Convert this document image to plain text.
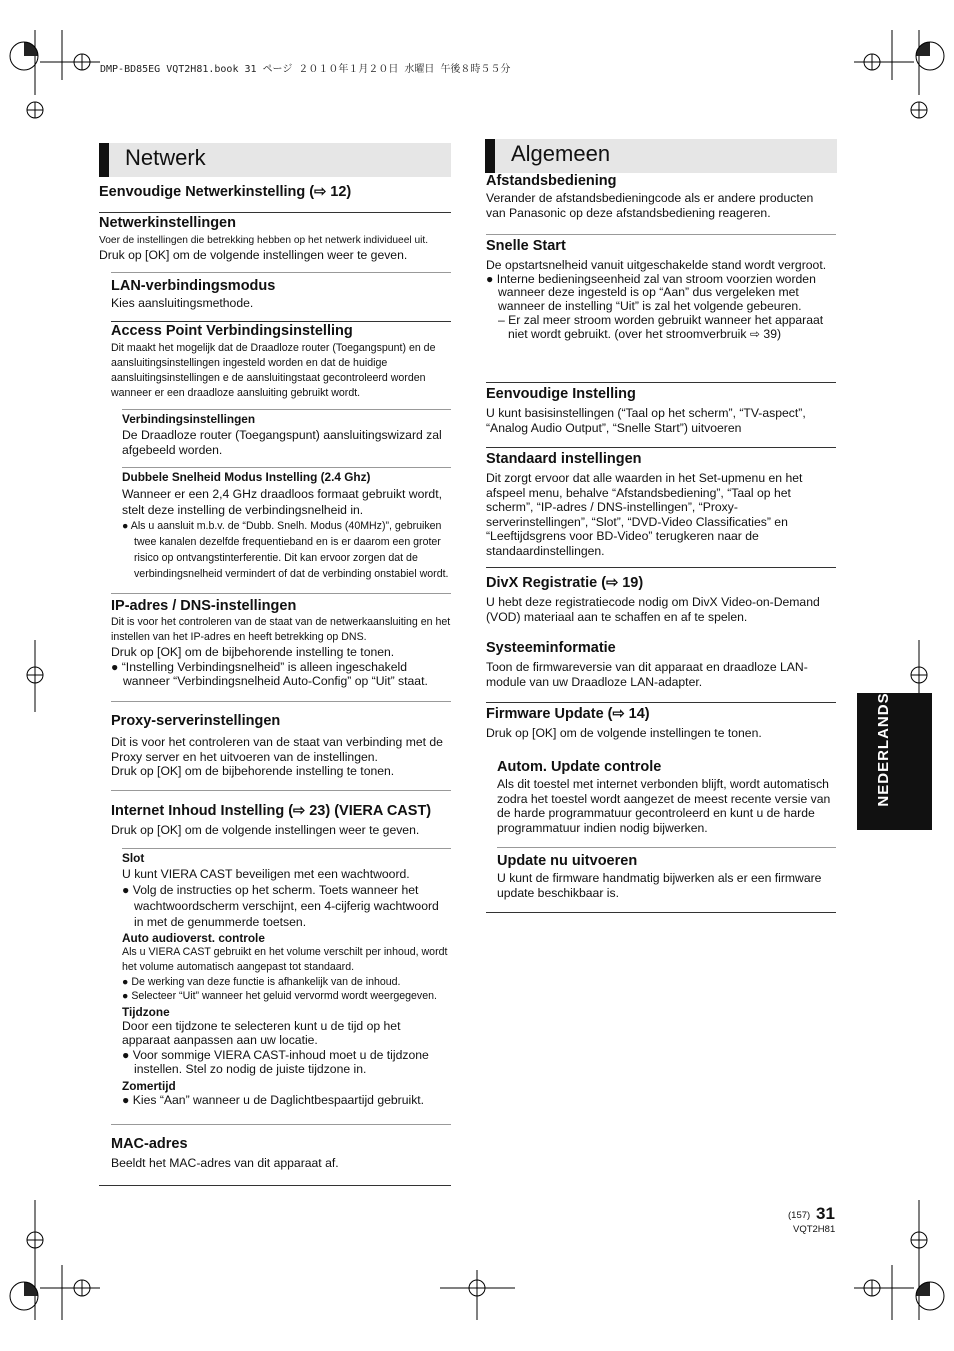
DMP-BD85EG VQT2H81.book 31 ページ ２０１０年１月２０日 水曜日 午後８時５５分
Netwerk	Algemeen

Eenvoudige Netwerkinstelling (⇨ 12)

Netwerkinstellingen

Voer de instellingen die betrekking hebben op het netwerk individueel uit.

Druk op [OK] om de volgende instellingen weer te geven.

LAN-verbindingsmodus

Kies aansluitingsmethode.

Access Point Verbindingsinstelling

Dit maakt het mogelijk dat de Draadloze router (Toegangspunt) en de aansluitingsinstellingen ingesteld worden en dat de huidige aansluitingsinstellingen e de aansluitingstaat gecontroleerd worden wanneer er een draadloze aansluiting gebruikt wordt.

Verbindingsinstellingen

De Draadloze router (Toegangspunt) aansluitingswizard zal afgebeeld worden.

Dubbele Snelheid Modus Instelling (2.4 Ghz)

Wanneer er een 2,4 GHz draadloos formaat gebruikt wordt, stelt deze instelling de verbindingsnelheid in.

● Als u aansluit m.b.v. de “Dubb. Snelh. Modus (40MHz)”, gebruiken twee kanalen dezelfde frequentieband en is er daarom een groter risico op ontvangstinterferentie. Dit kan ervoor zorgen dat de verbindingsnelheid vermindert of dat de verbinding onstabiel wordt.

IP-adres / DNS-instellingen

Dit is voor het controleren van de staat van de netwerkaansluiting en het instellen van het IP-adres en heeft betrekking op DNS.

Druk op [OK] om de bijbehorende instelling te tonen.

● “Instelling Verbindingsnelheid” is alleen ingeschakeld wanneer “Verbindingsnelheid Auto-Config” op “Uit” staat.

Proxy-serverinstellingen

Dit is voor het controleren van de staat van verbinding met de Proxy server en het uitvoeren van de instellingen.
Druk op [OK] om de bijbehorende instelling te tonen.

Internet Inhoud Instelling (⇨ 23) (VIERA CAST)

Druk op [OK] om de volgende instellingen weer te geven.

Slot

U kunt VIERA CAST beveiligen met een wachtwoord.

● Volg de instructies op het scherm. Toets wanneer het wachtwoordscherm verschijnt, een 4-cijferig wachtwoord in met de genummerde toetsen.

Auto audioverst. controle

Als u VIERA CAST gebruikt en het volume verschilt per inhoud, wordt het volume automatisch aangepast tot standaard.

● De werking van deze functie is afhankelijk van de inhoud.

● Selecteer “Uit” wanneer het geluid vervormd wordt weergegeven.

Tijdzone

Door een tijdzone te selecteren kunt u de tijd op het apparaat aanpassen aan uw locatie.

● Voor sommige VIERA CAST-inhoud moet u de tijdzone instellen. Stel zo nodig de juiste tijdzone in.

Zomertijd

● Kies “Aan” wanneer u de Daglichtbespaartijd gebruikt.

MAC-adres

Beeldt het MAC-adres van dit apparaat af.

Afstandsbediening

Verander de afstandsbedieningcode als er andere producten van Panasonic op deze afstandsbediening reageren.

Snelle Start

De opstartsnelheid vanuit uitgeschakelde stand wordt vergroot.

● Interne bedieningseenheid zal van stroom voorzien worden wanneer deze ingesteld is op “Aan” dus vergeleken met wanneer de instelling “Uit” is zal het volgende gebeuren.

– Er zal meer stroom worden gebruikt wanneer het apparaat niet wordt gebruikt. (over het stroomverbruik ⇨ 39)

Eenvoudige Instelling

U kunt basisinstellingen (“Taal op het scherm”, “TV-aspect”, “Analog Audio Output”, “Snelle Start”) uitvoeren

Standaard instellingen

Dit zorgt ervoor dat alle waarden in het Set-upmenu en het afspeel menu, behalve “Afstandsbediening”, “Taal op het scherm”, “IP-adres / DNS-instellingen”, “Proxy-serverinstellingen”, “Slot”, “DVD-Video Classificaties” en “Leeftijdsgrens voor BD-Video” terugkeren naar de standaardinstellingen.

DivX Registratie (⇨ 19)

U hebt deze registratiecode nodig om DivX Video-on-Demand (VOD) materiaal aan te schaffen en af te spelen.

Systeeminformatie

Toon de firmwareversie van dit apparaat en draadloze LAN-module van uw Draadloze LAN-adapter.

Firmware Update (⇨ 14)

Druk op [OK] om de volgende instellingen te tonen.

Autom. Update controle

Als dit toestel met internet verbonden blijft, wordt automatisch zodra het toestel wordt aangezet de meest recente versie van de harde programmatuur gecontroleerd en kunt u de harde programmatuur indien nodig bijwerken.

Update nu uitvoeren

U kunt de firmware handmatig bijwerken als er een firmware update beschikbaar is.

NEDERLANDS
(157) 31
VQT2H81
